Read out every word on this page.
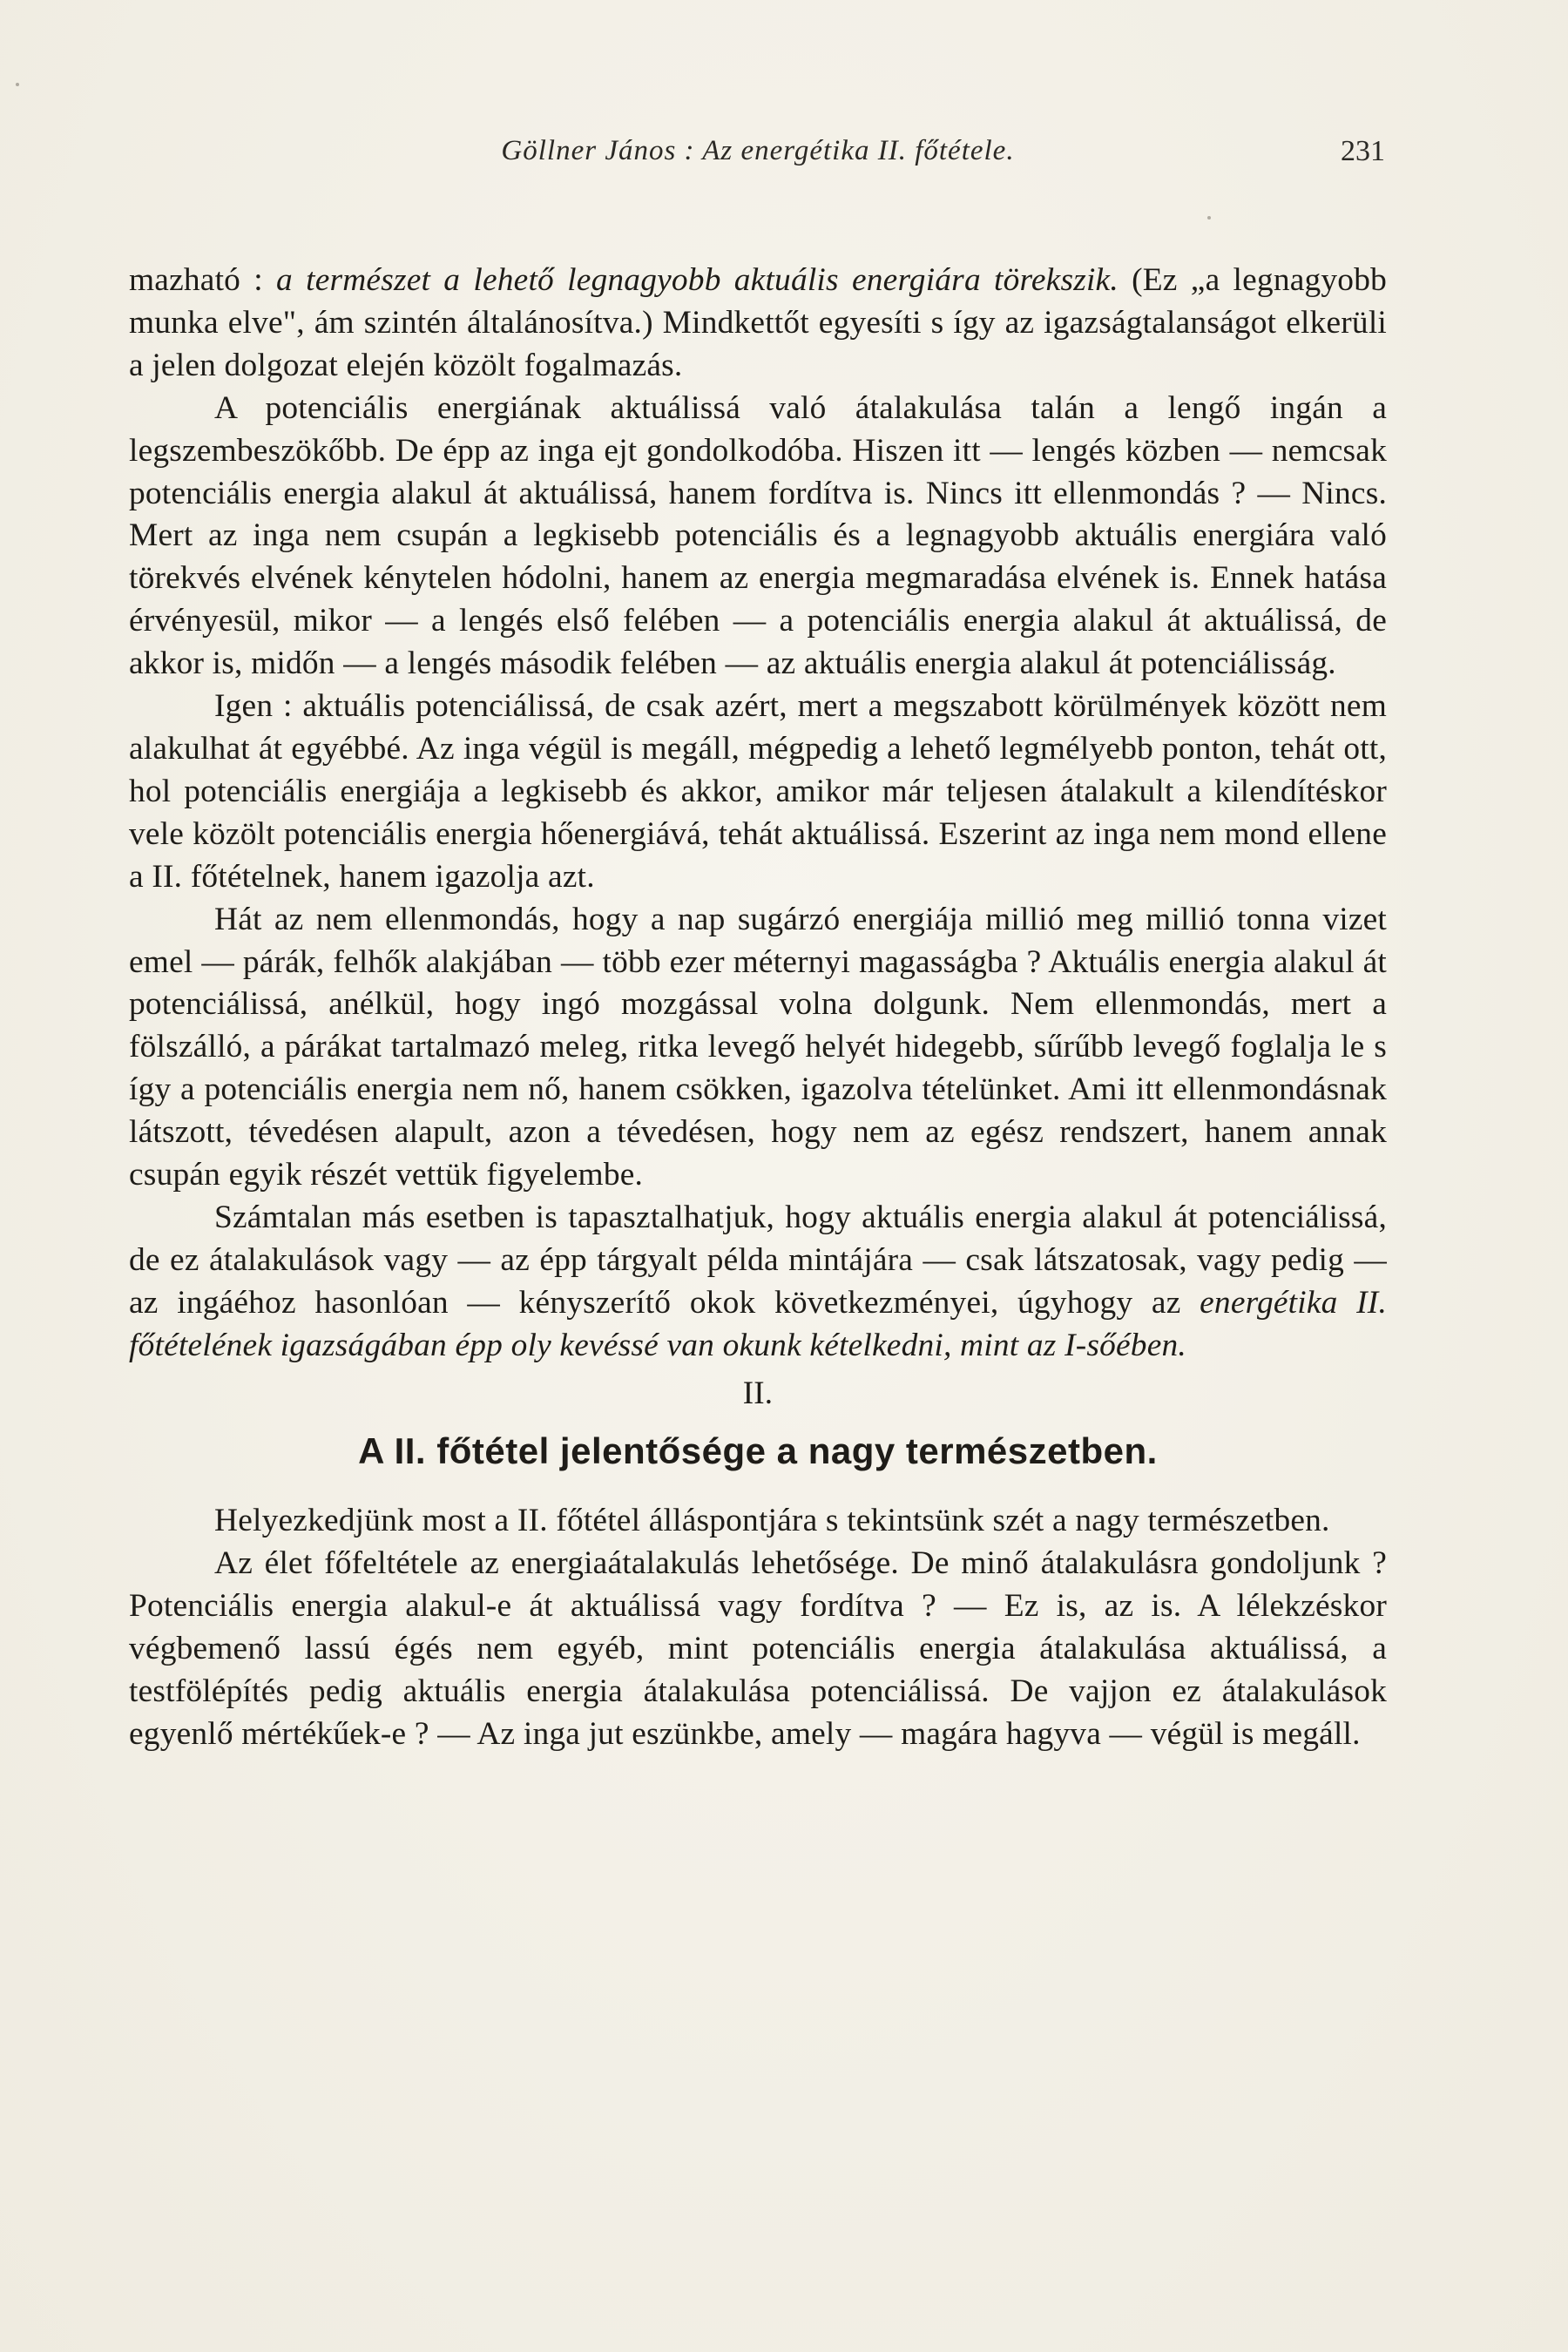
Göllner János : Az energétika II. főtétele.	231

mazható : a természet a lehető legnagyobb aktuális energiára törekszik. (Ez „a legnagyobb munka elve", ám szintén általánosítva.) Mindkettőt egyesíti s így az igazságtalanságot elkerüli a jelen dolgozat elején közölt fogalmazás.

A potenciális energiának aktuálissá való átalakulása talán a lengő ingán a legszembeszökőbb. De épp az inga ejt gondolkodóba. Hiszen itt — lengés közben — nemcsak potenciális energia alakul át aktuálissá, hanem fordítva is. Nincs itt ellenmondás ? — Nincs. Mert az inga nem csupán a legkisebb potenciális és a legnagyobb aktuális energiára való törekvés elvének kénytelen hódolni, hanem az energia megmaradása elvének is. Ennek hatása érvényesül, mikor — a lengés első felében — a potenciális energia alakul át aktuálissá, de akkor is, midőn — a lengés második felében — az aktuális energia alakul át potenciálisság.

Igen : aktuális potenciálissá, de csak azért, mert a megszabott körülmények között nem alakulhat át egyébbé. Az inga végül is megáll, mégpedig a lehető legmélyebb ponton, tehát ott, hol potenciális energiája a legkisebb és akkor, amikor már teljesen átalakult a kilendítéskor vele közölt potenciális energia hőenergiává, tehát aktuálissá. Eszerint az inga nem mond ellene a II. főtételnek, hanem igazolja azt.

Hát az nem ellenmondás, hogy a nap sugárzó energiája millió meg millió tonna vizet emel — párák, felhők alakjában — több ezer méternyi magasságba ? Aktuális energia alakul át potenciálissá, anélkül, hogy ingó mozgással volna dolgunk. Nem ellenmondás, mert a fölszálló, a párákat tartalmazó meleg, ritka levegő helyét hidegebb, sűrűbb levegő foglalja le s így a potenciális energia nem nő, hanem csökken, igazolva tételünket. Ami itt ellenmondásnak látszott, tévedésen alapult, azon a tévedésen, hogy nem az egész rendszert, hanem annak csupán egyik részét vettük figyelembe.

Számtalan más esetben is tapasztalhatjuk, hogy aktuális energia alakul át potenciálissá, de ez átalakulások vagy — az épp tárgyalt példa mintájára — csak látszatosak, vagy pedig — az ingáéhoz hasonlóan — kényszerítő okok következményei, úgyhogy az energétika II. főtételének igazságában épp oly kevéssé van okunk kételkedni, mint az I-sőében.

II.
A II. főtétel jelentősége a nagy természetben.

Helyezkedjünk most a II. főtétel álláspontjára s tekintsünk szét a nagy természetben.

Az élet főfeltétele az energiaátalakulás lehetősége. De minő átalakulásra gondoljunk ? Potenciális energia alakul-e át aktuálissá vagy fordítva ? — Ez is, az is. A lélekzéskor végbemenő lassú égés nem egyéb, mint potenciális energia átalakulása aktuálissá, a testfölépítés pedig aktuális energia átalakulása potenciálissá. De vajjon ez átalakulások egyenlő mértékűek-e ? — Az inga jut eszünkbe, amely — magára hagyva — végül is megáll.
